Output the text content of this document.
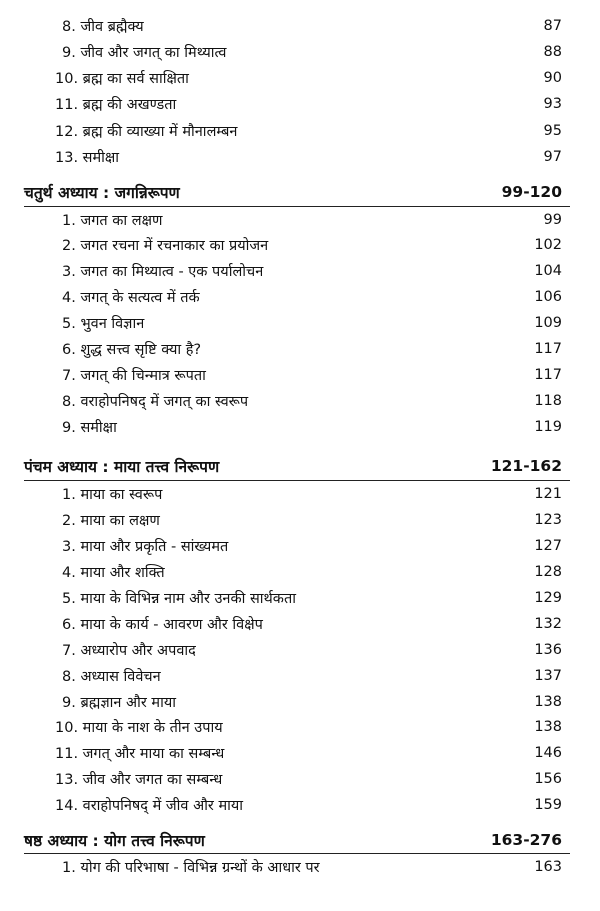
8. जीव ब्रह्मैक्य	87
9. जीव और जगत् का मिथ्यात्व	88
10. ब्रह्म का सर्व साक्षिता	90
11. ब्रह्म की अखण्डता	93
12. ब्रह्म की व्याख्या में मौनालम्बन	95
13. समीक्षा	97
चतुर्थ अध्याय : जगन्निरूपण	99-120
1. जगत का लक्षण	99
2. जगत रचना में रचनाकार का प्रयोजन	102
3. जगत का मिथ्यात्व - एक पर्यालोचन	104
4. जगत् के सत्यत्व में तर्क	106
5. भुवन विज्ञान	109
6. शुद्ध सत्त्व सृष्टि क्या है?	117
7. जगत् की चिन्मात्र रूपता	117
8. वराहोपनिषद् में जगत् का स्वरूप	118
9. समीक्षा	119
पंचम अध्याय : माया तत्त्व निरूपण	121-162
1. माया का स्वरूप	121
2. माया का लक्षण	123
3. माया और प्रकृति - सांख्यमत	127
4. माया और शक्ति	128
5. माया के विभिन्न नाम और उनकी सार्थकता	129
6. माया के कार्य - आवरण और विक्षेप	132
7. अध्यारोप और अपवाद	136
8. अध्यास विवेचन	137
9. ब्रह्मज्ञान और माया	138
10. माया के नाश के तीन उपाय	138
11. जगत् और माया का सम्बन्ध	146
13. जीव और जगत का सम्बन्ध	156
14. वराहोपनिषद् में जीव और माया	159
षष्ठ अध्याय : योग तत्त्व निरूपण	163-276
1. योग की परिभाषा - विभिन्न ग्रन्थों के आधार पर	163
